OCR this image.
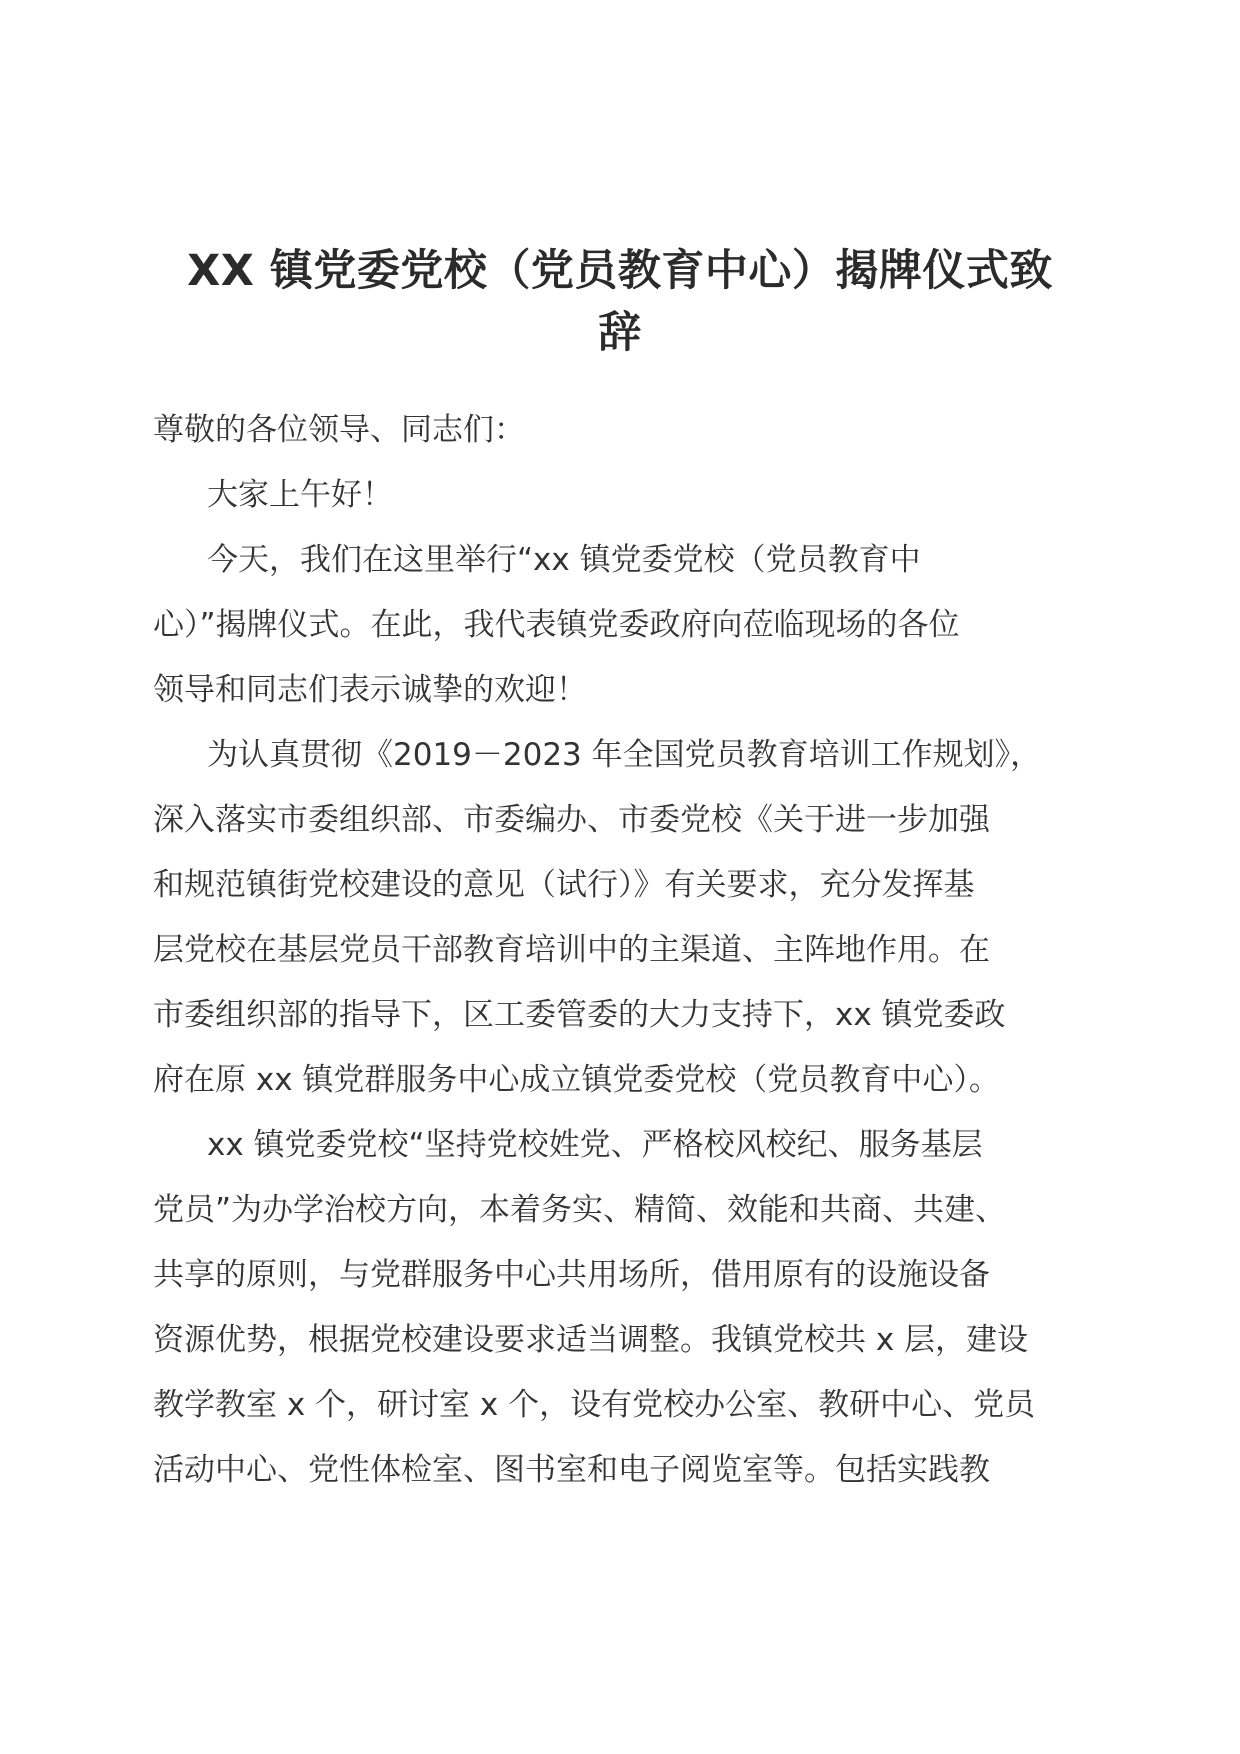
XX 镇党委党校（党员教育中心）揭牌仪式致
辞
尊敬的各位领导、同志们：
大家上午好！
今天，我们在这里举行“xx 镇党委党校（党员教育中
心）”揭牌仪式。在此，我代表镇党委政府向莅临现场的各位
领导和同志们表示诚挚的欢迎！
为认真贯彻《2019－2023 年全国党员教育培训工作规划》，
深入落实市委组织部、市委编办、市委党校《关于进一步加强
和规范镇街党校建设的意见（试行）》有关要求，充分发挥基
层党校在基层党员干部教育培训中的主渠道、主阵地作用。在
市委组织部的指导下，区工委管委的大力支持下，xx 镇党委政
府在原 xx 镇党群服务中心成立镇党委党校（党员教育中心）。
xx 镇党委党校“坚持党校姓党、严格校风校纪、服务基层
党员”为办学治校方向，本着务实、精简、效能和共商、共建、
共享的原则，与党群服务中心共用场所，借用原有的设施设备
资源优势，根据党校建设要求适当调整。我镇党校共 x 层，建设
教学教室 x 个，研讨室 x 个，设有党校办公室、教研中心、党员
活动中心、党性体检室、图书室和电子阅览室等。包括实践教
